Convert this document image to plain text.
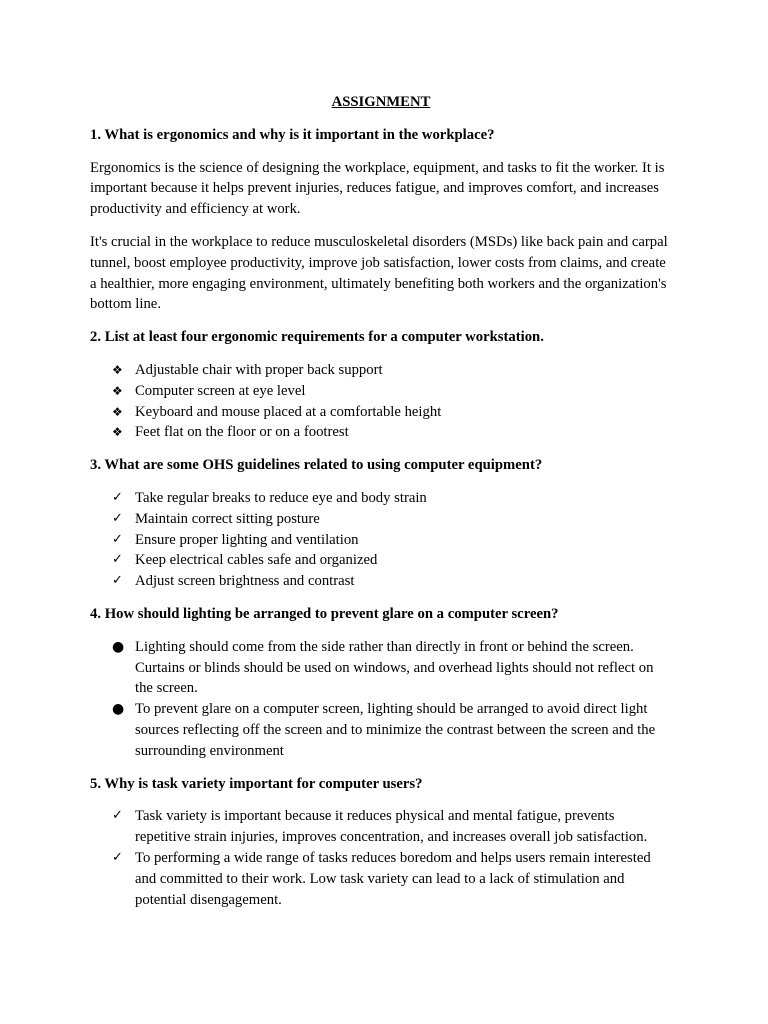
ASSIGNMENT
1. What is ergonomics and why is it important in the workplace?
Ergonomics is the science of designing the workplace, equipment, and tasks to fit the worker. It is important because it helps prevent injuries, reduces fatigue, and improves comfort, and increases productivity and efficiency at work.
It's crucial in the workplace to reduce musculoskeletal disorders (MSDs) like back pain and carpal tunnel, boost employee productivity, improve job satisfaction, lower costs from claims, and create a healthier, more engaging environment, ultimately benefiting both workers and the organization's bottom line.
2. List at least four ergonomic requirements for a computer workstation.
❖ Adjustable chair with proper back support
❖ Computer screen at eye level
❖ Keyboard and mouse placed at a comfortable height
❖ Feet flat on the floor or on a footrest
3. What are some OHS guidelines related to using computer equipment?
✓ Take regular breaks to reduce eye and body strain
✓ Maintain correct sitting posture
✓ Ensure proper lighting and ventilation
✓ Keep electrical cables safe and organized
✓ Adjust screen brightness and contrast
4. How should lighting be arranged to prevent glare on a computer screen?
● Lighting should come from the side rather than directly in front or behind the screen. Curtains or blinds should be used on windows, and overhead lights should not reflect on the screen.
● To prevent glare on a computer screen, lighting should be arranged to avoid direct light sources reflecting off the screen and to minimize the contrast between the screen and the surrounding environment
5. Why is task variety important for computer users?
✓ Task variety is important because it reduces physical and mental fatigue, prevents repetitive strain injuries, improves concentration, and increases overall job satisfaction.
✓ To performing a wide range of tasks reduces boredom and helps users remain interested and committed to their work. Low task variety can lead to a lack of stimulation and potential disengagement.
